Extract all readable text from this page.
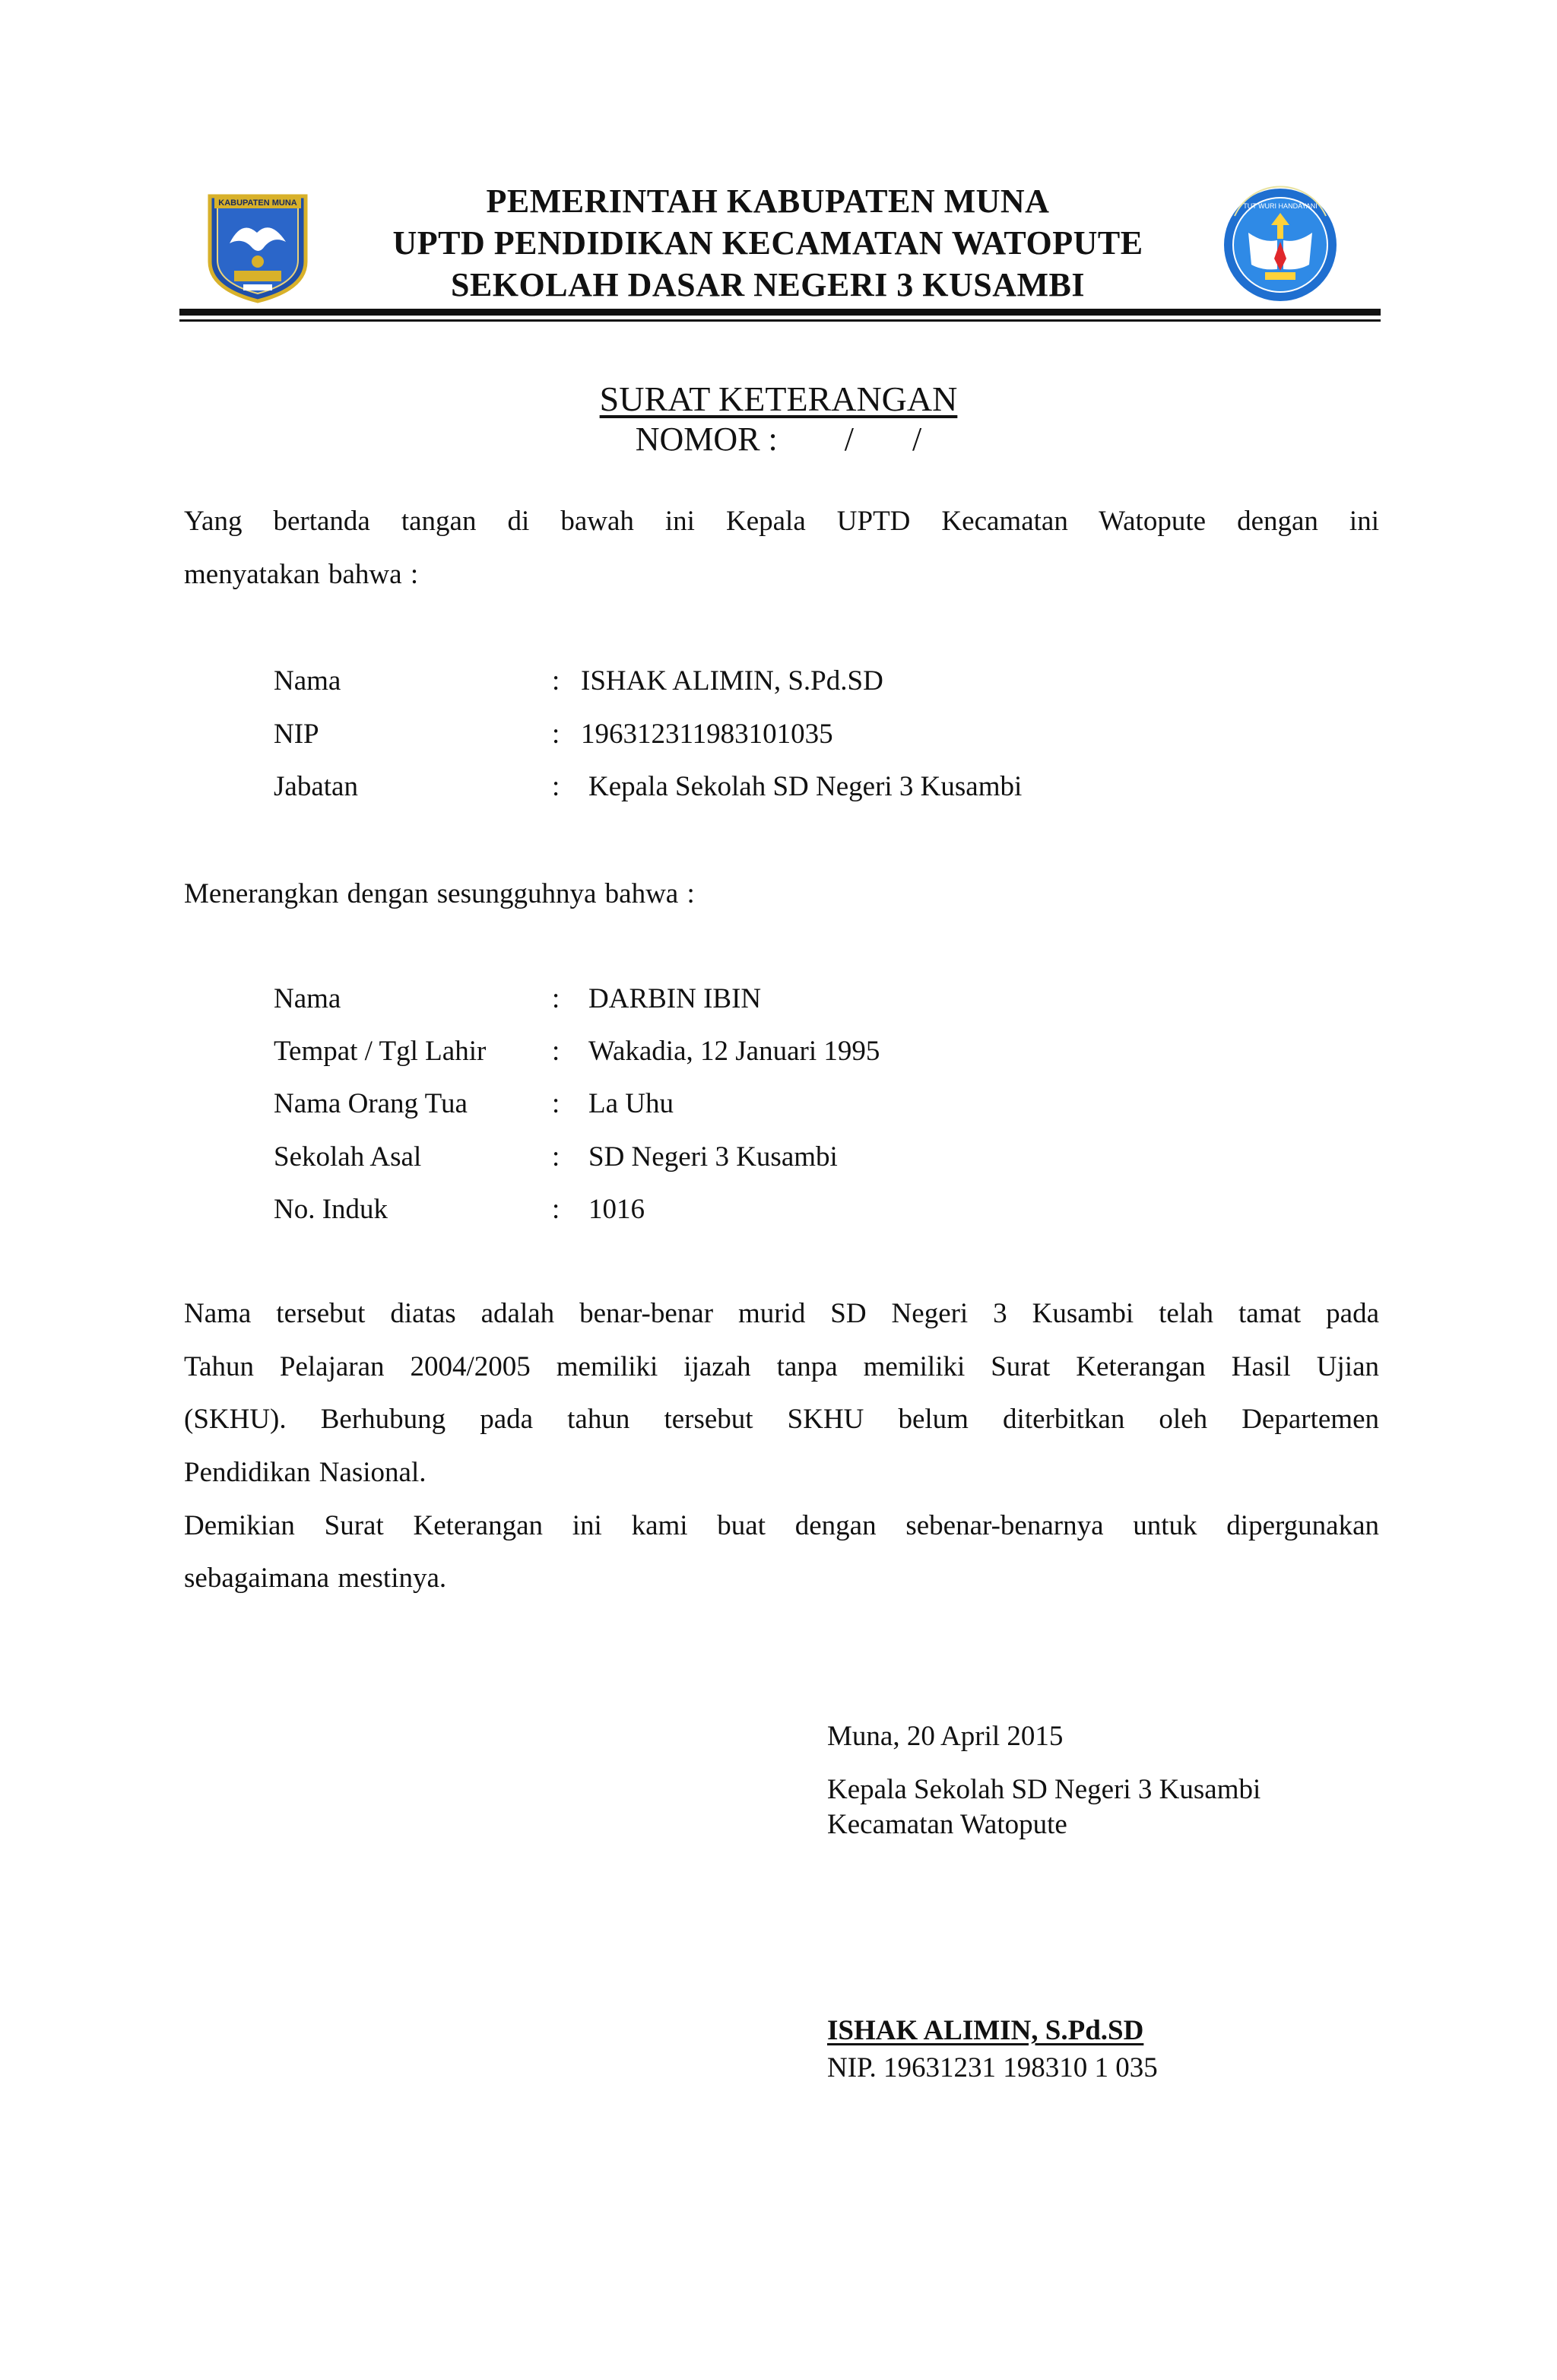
KABUPATEN MUNA	TUT WURI HANDAYANI
PEMERINTAH KABUPATEN MUNA
UPTD PENDIDIKAN KECAMATAN WATOPUTE
SEKOLAH DASAR NEGERI 3 KUSAMBI
SURAT KETERANGAN
NOMOR :        /       /
Yang bertanda tangan di bawah ini Kepala UPTD Kecamatan Watopute dengan ini
menyatakan bahwa :
Nama	: ISHAK ALIMIN, S.Pd.SD
NIP	: 196312311983101035
Jabatan	: Kepala Sekolah SD Negeri 3 Kusambi
Menerangkan dengan sesungguhnya bahwa :
Nama	: DARBIN IBIN
Tempat / Tgl Lahir : Wakadia, 12 Januari 1995
Nama Orang Tua	: La Uhu
Sekolah Asal	: SD Negeri 3 Kusambi
No. Induk	: 1016
Nama tersebut diatas adalah benar-benar murid SD Negeri 3 Kusambi telah tamat pada
Tahun Pelajaran 2004/2005 memiliki ijazah tanpa memiliki Surat Keterangan Hasil Ujian
(SKHU). Berhubung pada tahun tersebut SKHU belum diterbitkan oleh Departemen
Pendidikan Nasional.
Demikian Surat Keterangan ini kami buat dengan sebenar-benarnya untuk dipergunakan
sebagaimana mestinya.
Muna, 20 April 2015
Kepala Sekolah SD Negeri 3 Kusambi
Kecamatan Watopute
ISHAK ALIMIN, S.Pd.SD
NIP. 19631231 198310 1 035
